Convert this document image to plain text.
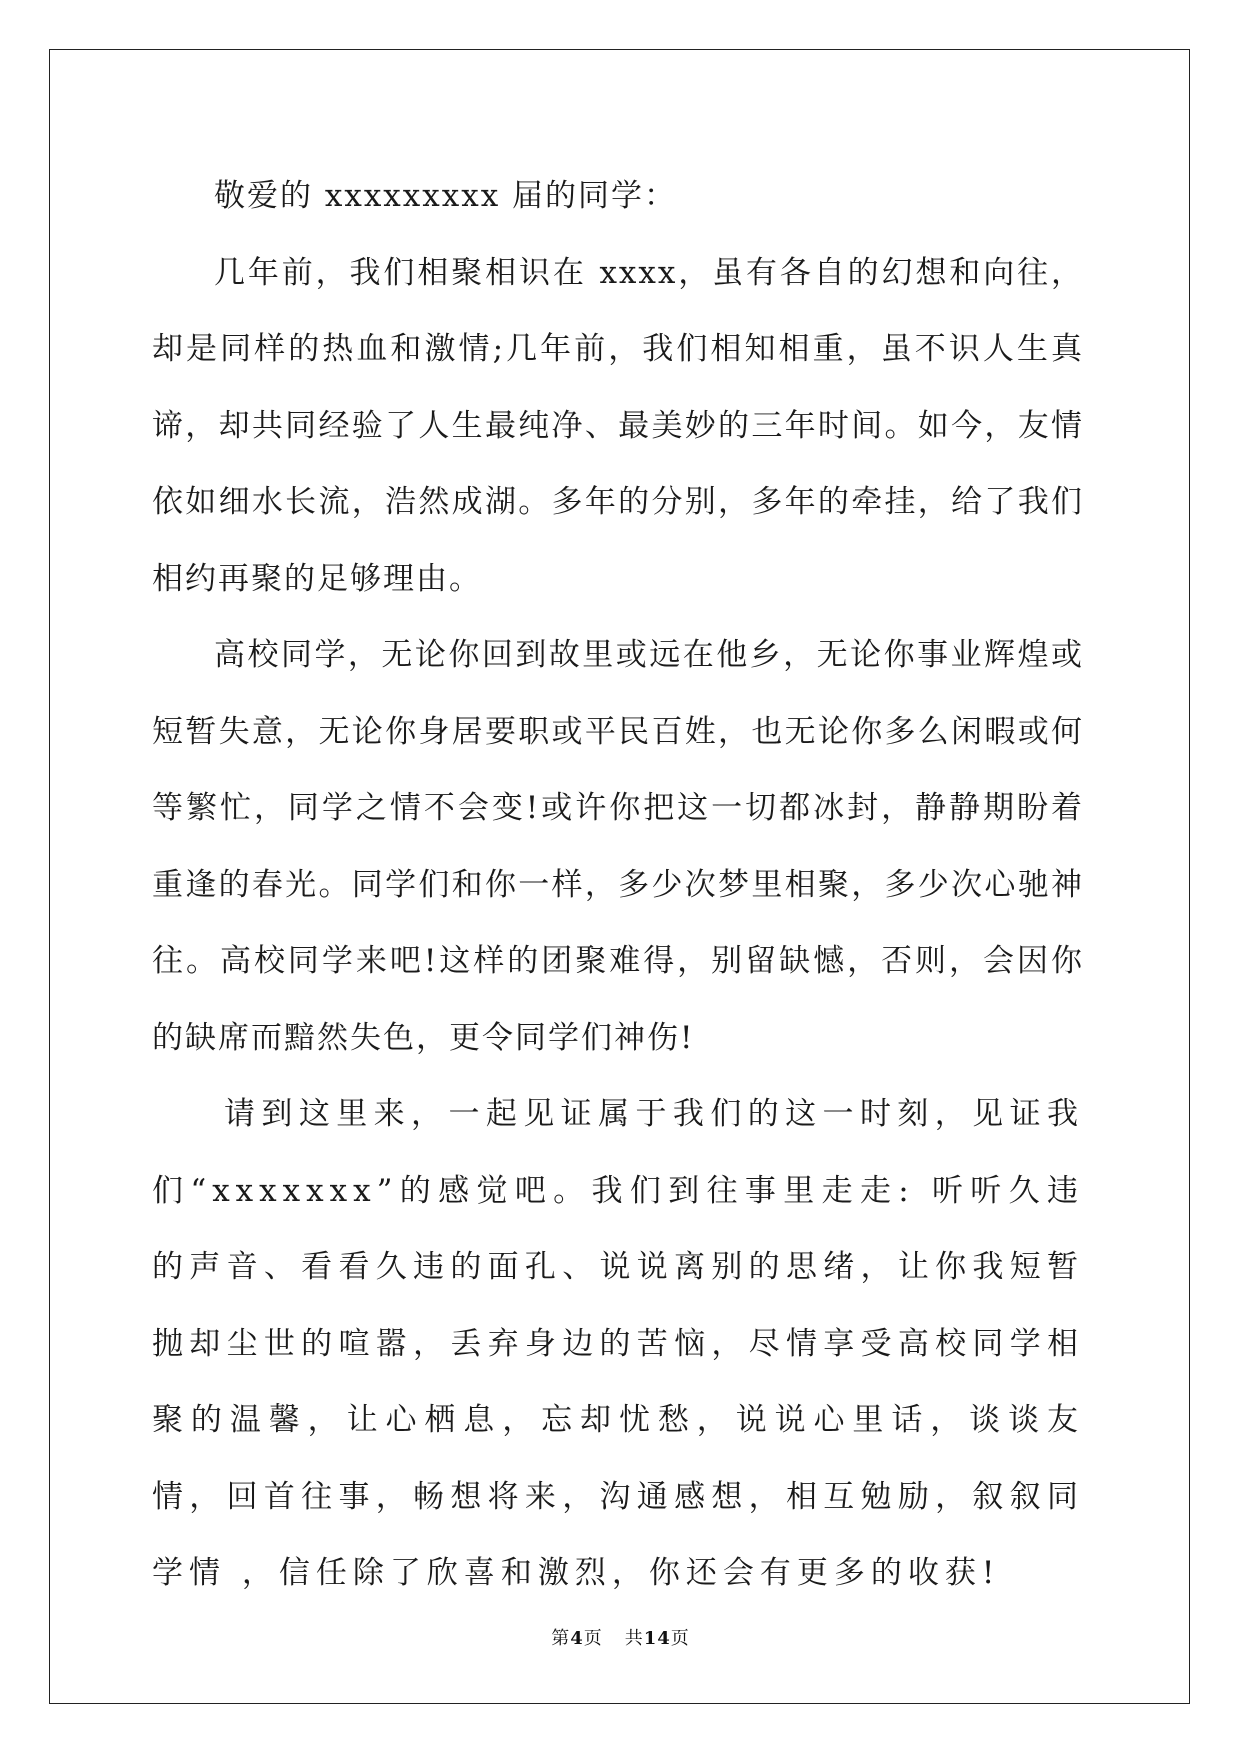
敬爱的 xxxxxxxxx 届的同学：

几年前，我们相聚相识在 xxxx，虽有各自的幻想和向往，却是同样的热血和激情;几年前，我们相知相重，虽不识人生真谛，却共同经验了人生最纯净、最美妙的三年时间。如今，友情依如细水长流，浩然成湖。多年的分别，多年的牵挂，给了我们相约再聚的足够理由。

高校同学，无论你回到故里或远在他乡，无论你事业辉煌或短暂失意，无论你身居要职或平民百姓，也无论你多么闲暇或何等繁忙，同学之情不会变!或许你把这一切都冰封，静静期盼着重逢的春光。同学们和你一样，多少次梦里相聚，多少次心驰神往。高校同学来吧!这样的团聚难得，别留缺憾，否则，会因你的缺席而黯然失色，更令同学们神伤!

请到这里来，一起见证属于我们的这一时刻，见证我们“xxxxxxx”的感觉吧。我们到往事里走走: 听听久违的声音、看看久违的面孔、说说离别的思绪，让你我短暂抛却尘世的喧嚣，丢弃身边的苦恼，尽情享受高校同学相聚的温馨，让心栖息，忘却忧愁，说说心里话，谈谈友情，回首往事，畅想将来，沟通感想，相互勉励，叙叙同学情 ，信任除了欣喜和激烈，你还会有更多的收获!

第4页 共14页
